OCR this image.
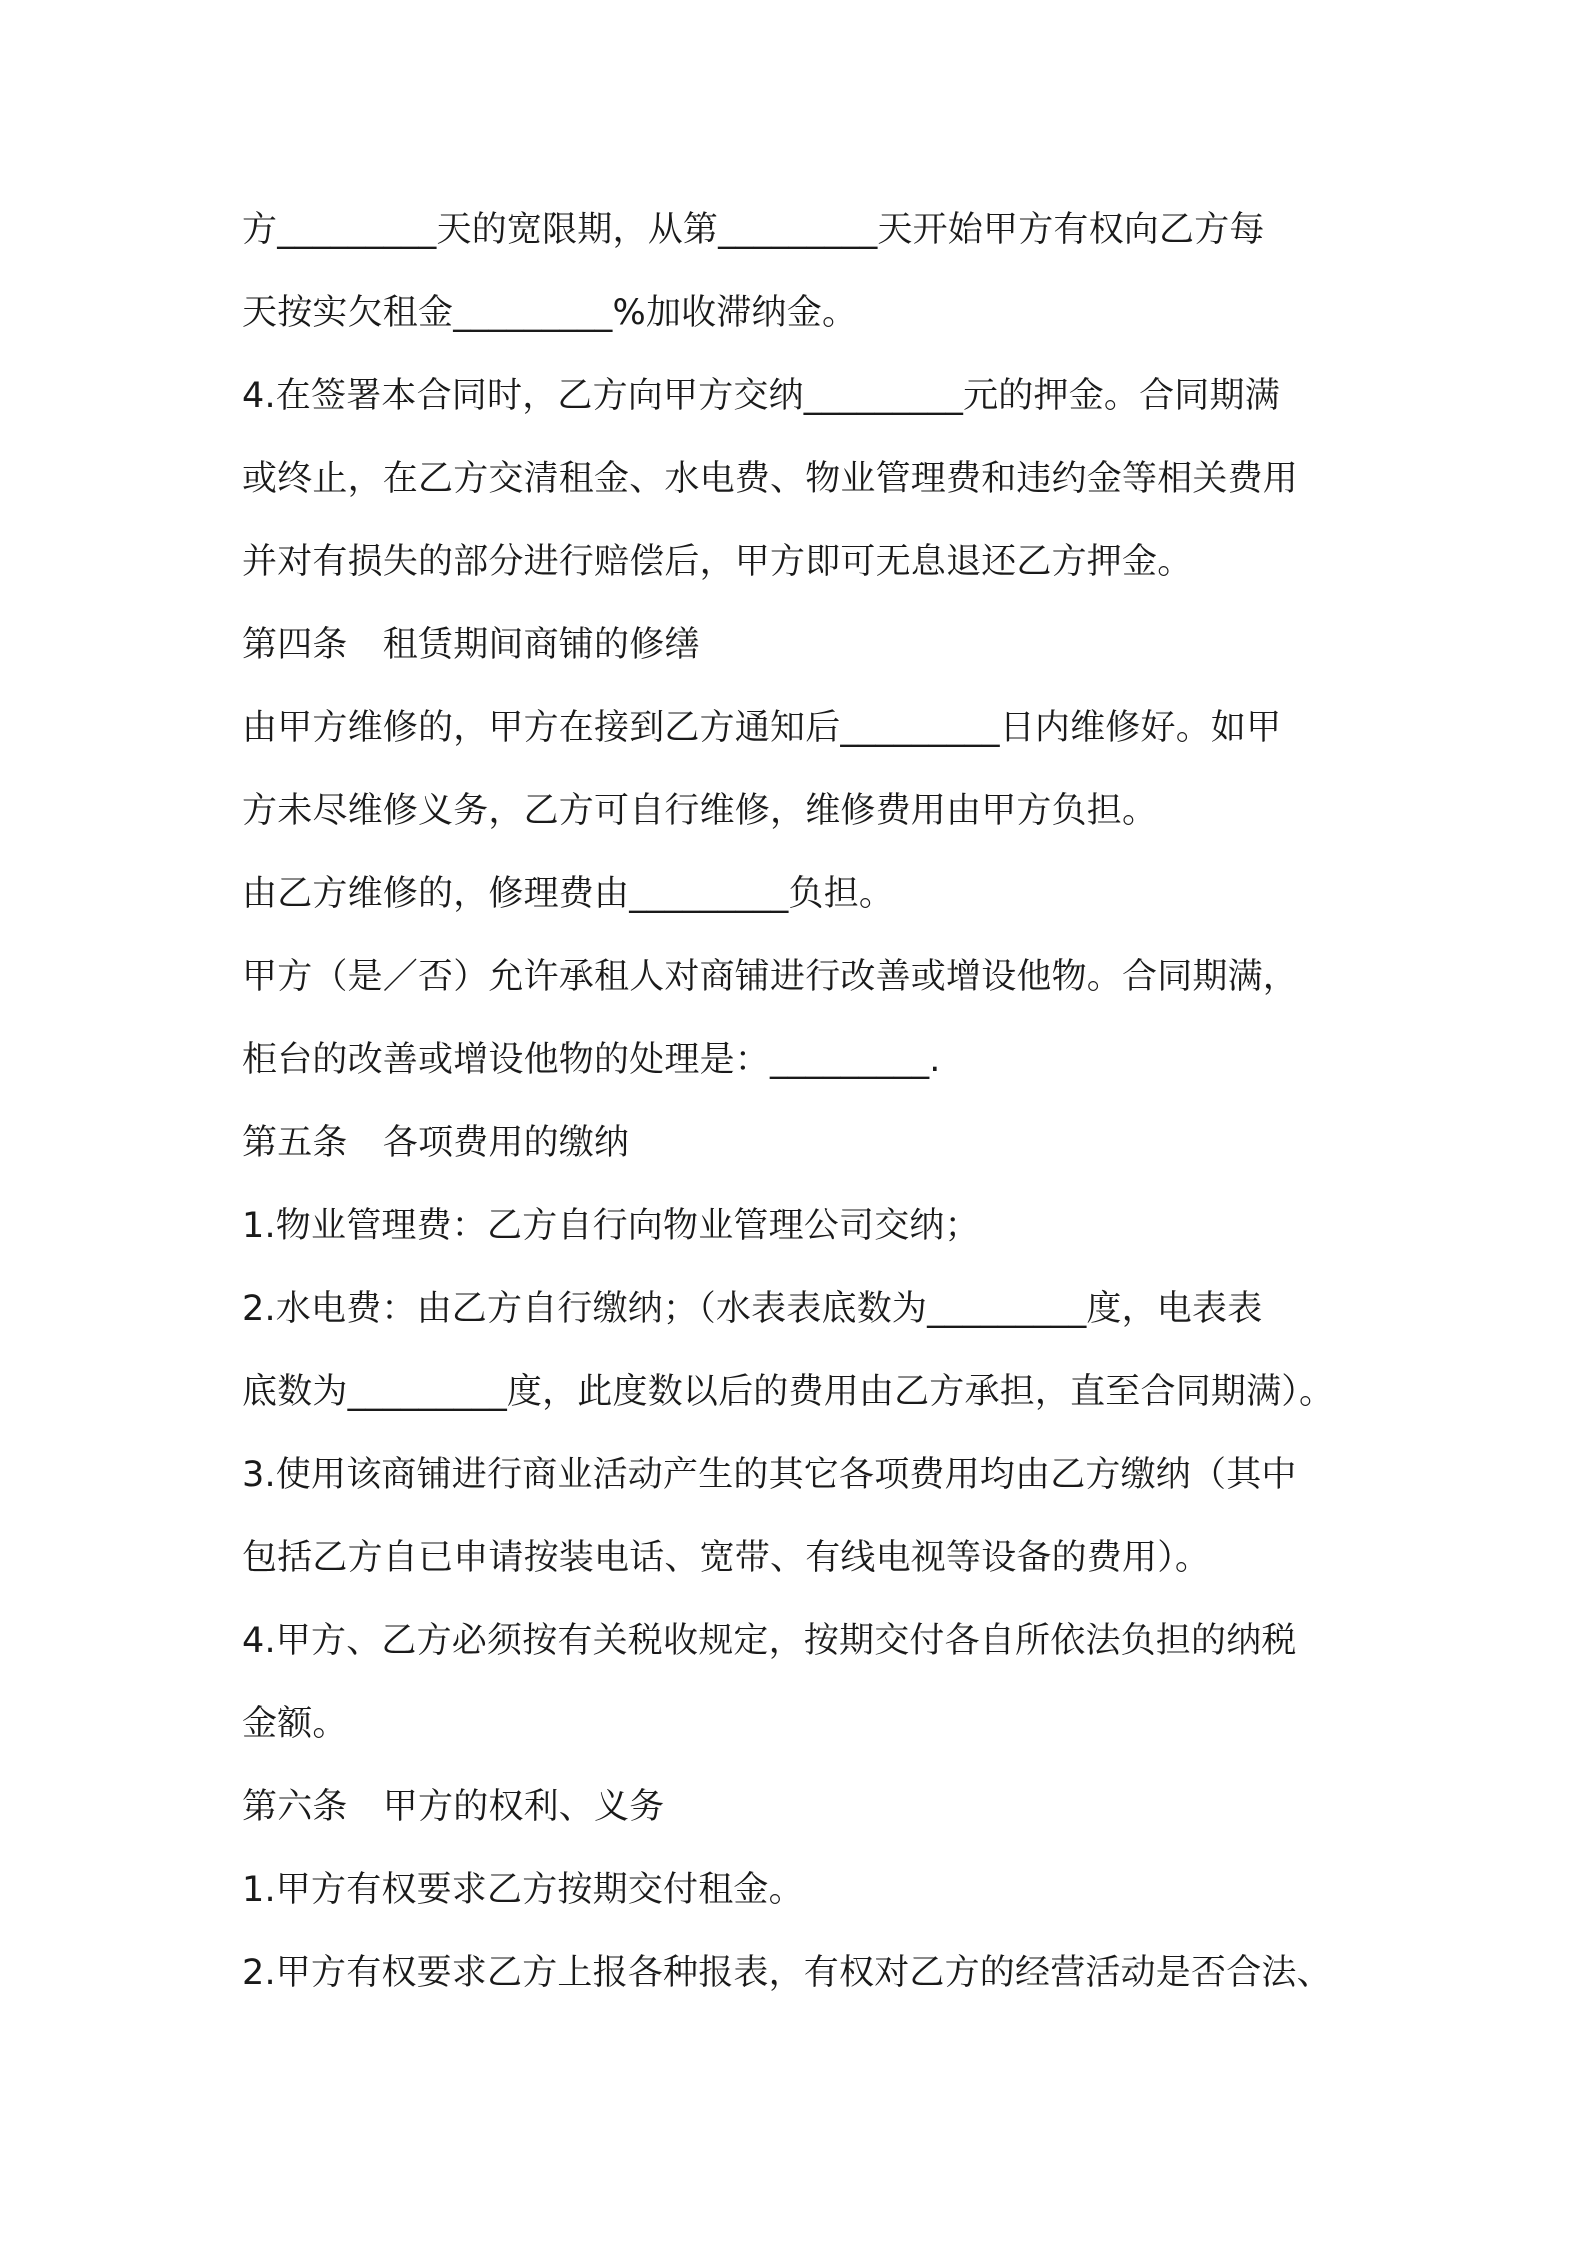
方_________天的宽限期，从第_________天开始甲方有权向乙方每
天按实欠租金_________%加收滞纳金。
4.在签署本合同时，乙方向甲方交纳_________元的押金。合同期满
或终止，在乙方交清租金、水电费、物业管理费和违约金等相关费用
并对有损失的部分进行赔偿后，甲方即可无息退还乙方押金。
第四条　租赁期间商铺的修缮
由甲方维修的，甲方在接到乙方通知后_________日内维修好。如甲
方未尽维修义务，乙方可自行维修，维修费用由甲方负担。
由乙方维修的，修理费由_________负担。
甲方（是／否）允许承租人对商铺进行改善或增设他物。合同期满，
柜台的改善或增设他物的处理是：_________.
第五条　各项费用的缴纳
1.物业管理费：乙方自行向物业管理公司交纳；
2.水电费：由乙方自行缴纳；（水表表底数为_________度，电表表
底数为_________度，此度数以后的费用由乙方承担，直至合同期满）。
3.使用该商铺进行商业活动产生的其它各项费用均由乙方缴纳（其中
包括乙方自已申请按装电话、宽带、有线电视等设备的费用）。
4.甲方、乙方必须按有关税收规定，按期交付各自所依法负担的纳税
金额。
第六条　甲方的权利、义务
1.甲方有权要求乙方按期交付租金。
2.甲方有权要求乙方上报各种报表，有权对乙方的经营活动是否合法、
